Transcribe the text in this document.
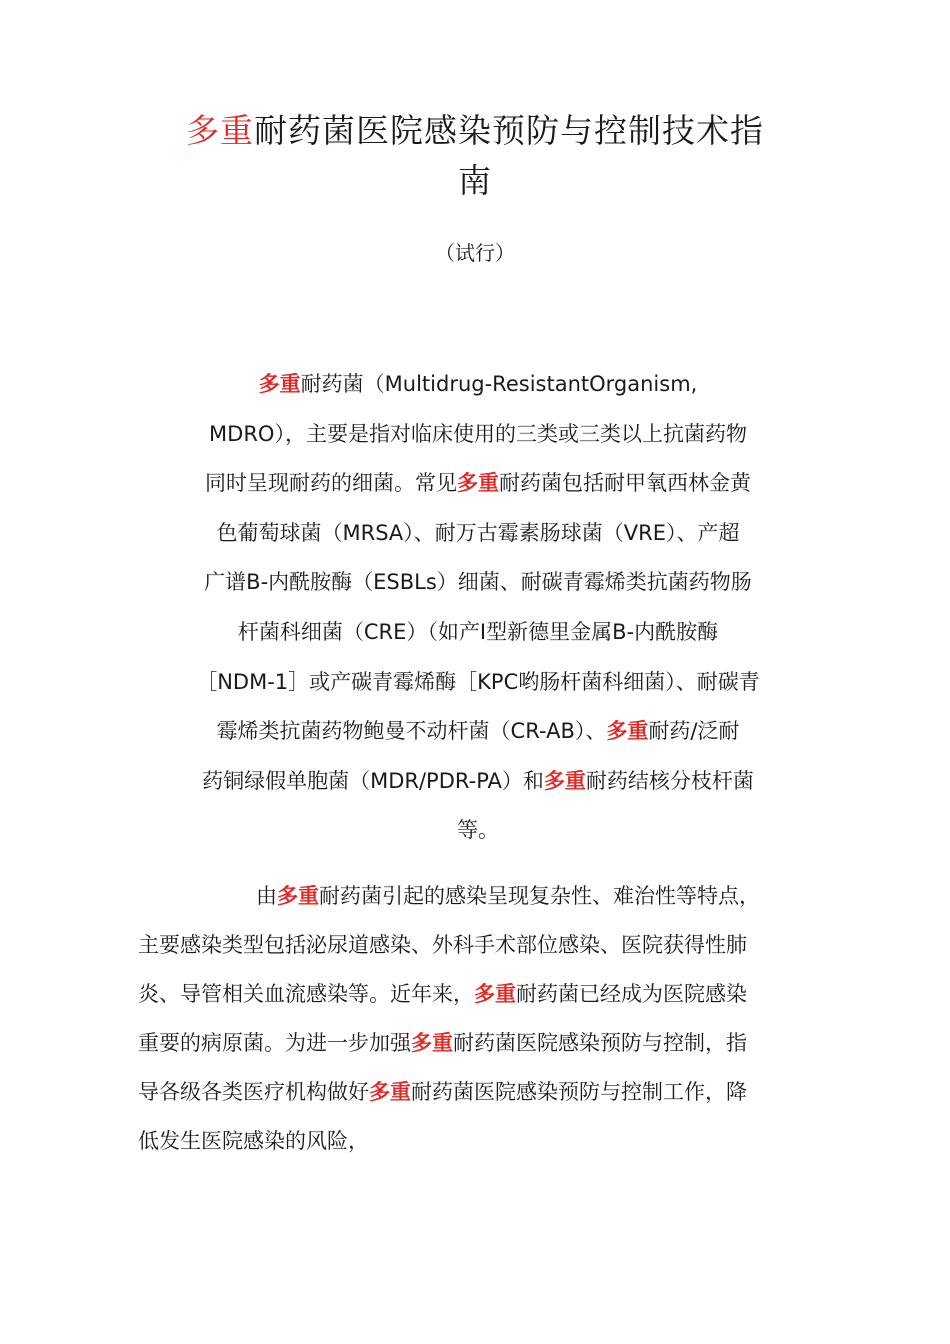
多重耐药菌医院感染预防与控制技术指
南
（试行）
多重耐药菌（Multidrug-ResistantOrganism,
MDRO），主要是指对临床使用的三类或三类以上抗菌药物
同时呈现耐药的细菌。常见多重耐药菌包括耐甲氧西林金黄
色葡萄球菌（MRSA）、耐万古霉素肠球菌（VRE）、产超
广谱B-内酰胺酶（ESBLs）细菌、耐碳青霉烯类抗菌药物肠
杆菌科细菌（CRE）（如产Ⅰ型新德里金属B-内酰胺酶
［NDM-1］或产碳青霉烯酶［KPC哟肠杆菌科细菌）、耐碳青
霉烯类抗菌药物鲍曼不动杆菌（CR-AB）、多重耐药/泛耐
药铜绿假单胞菌（MDR/PDR-PA）和多重耐药结核分枝杆菌
等。
由多重耐药菌引起的感染呈现复杂性、难治性等特点，
主要感染类型包括泌尿道感染、外科手术部位感染、医院获得性肺
炎、导管相关血流感染等。近年来，多重耐药菌已经成为医院感染
重要的病原菌。为进一步加强多重耐药菌医院感染预防与控制，指
导各级各类医疗机构做好多重耐药菌医院感染预防与控制工作，降
低发生医院感染的风险，
